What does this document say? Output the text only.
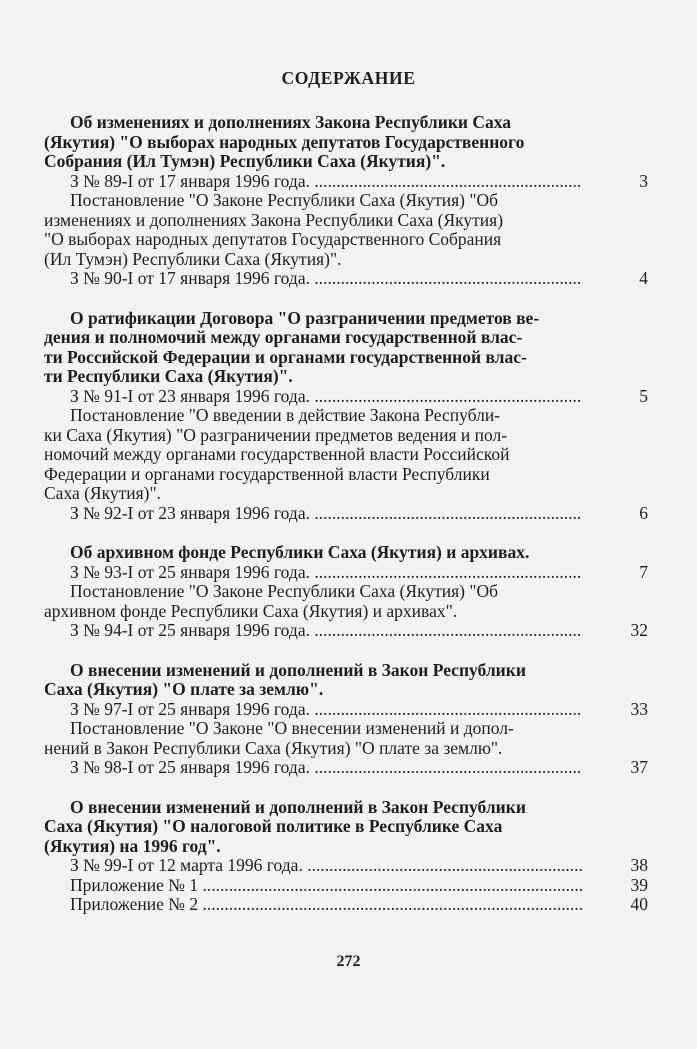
СОДЕРЖАНИЕ
Об изменениях и дополнениях Закона Республики Саха
(Якутия) "О выборах народных депутатов Государственного
Собрания (Ил Тумэн) Республики Саха (Якутия)".
З № 89-I от 17 января 1996 года. .....	3
Постановление "О Законе Республики Саха (Якутия) "Об
изменениях и дополнениях Закона Республики Саха (Якутия)
"О выборах народных депутатов Государственного Собрания
(Ил Тумэн) Республики Саха (Якутия)".
З № 90-I от 17 января 1996 года. .....	4
О ратификации Договора "О разграничении предметов ве-
дения и полномочий между органами государственной влас-
ти Российской Федерации и органами государственной влас-
ти Республики Саха (Якутия)".
З № 91-I от 23 января 1996 года. .....	5
Постановление "О введении в действие Закона Республи-
ки Саха (Якутия) "О разграничении предметов ведения и пол-
номочий между органами государственной власти Российской
Федерации и органами государственной власти Республики
Саха (Якутия)".
З № 92-I от 23 января 1996 года. .....	6
Об архивном фонде Республики Саха (Якутия) и архивах.
З № 93-I от 25 января 1996 года. .....	7
Постановление "О Законе Республики Саха (Якутия) "Об
архивном фонде Республики Саха (Якутия) и архивах".
З № 94-I от 25 января 1996 года. .....	32
О внесении изменений и дополнений в Закон Республики
Саха (Якутия) "О плате за землю".
З № 97-I от 25 января 1996 года. .....	33
Постановление "О Законе "О внесении изменений и допол-
нений в Закон Республики Саха (Якутия) "О плате за землю".
З № 98-I от 25 января 1996 года. .....	37
О внесении изменений и дополнений в Закон Республики
Саха (Якутия) "О налоговой политике в Республике Саха
(Якутия) на 1996 год".
З № 99-I от 12 марта 1996 года. .....	38
Приложение № 1 .....	39
Приложение № 2 .....	40
272
